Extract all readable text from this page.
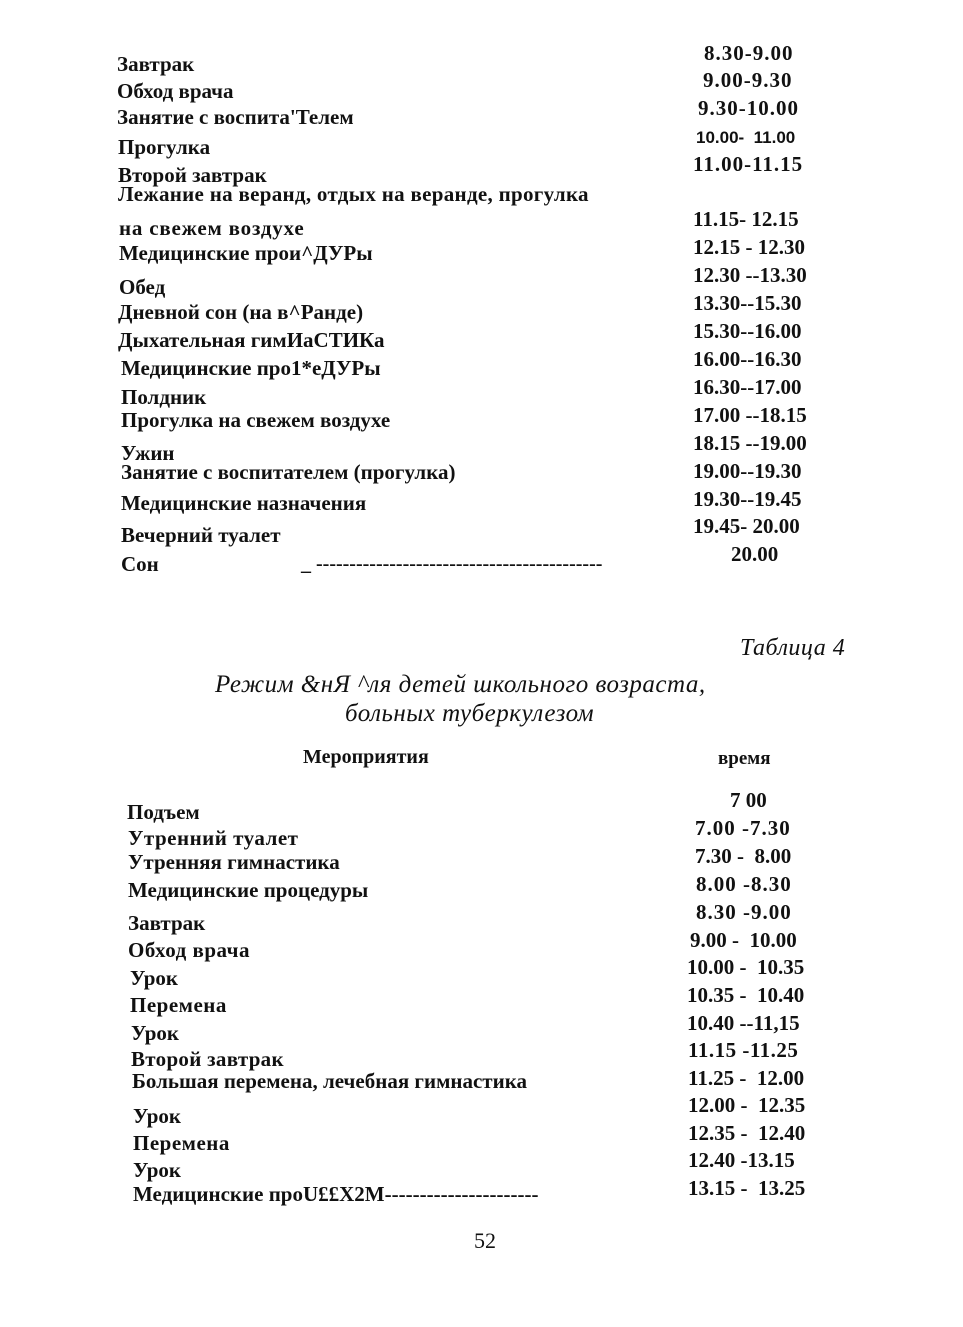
Завтрак	8.30-9.00
Обход врача	9.00-9.30
Занятие с воспита'Телем	9.30-10.00
Прогулка	10.00-  11.00
Второй завтрак	11.00-11.15
Лежание на веранд, отдых на веранде, прогулка
на свежем воздухе	11.15- 12.15
Медицинские прои^ДУРы	12.15 - 12.30
Обед	12.30 --13.30
Дневной сон (на в^Ранде)	13.30--15.30
Дыхательная гимИаСТИКа	15.30--16.00
Медицинские про1*еДУРы	16.00--16.30
Полдник	16.30--17.00
Прогулка на свежем воздухе	17.00 --18.15
Ужин	18.15 --19.00
Занятие с воспитателем (прогулка)	19.00--19.30
Медицинские назначения	19.30--19.45
Вечерний туалет	19.45- 20.00
Сон	_ -------------------------------------------	20.00
Таблица 4
Режим &нЯ ^ля детей школьного возраста,
больных туберкулезом
Мероприятия	время
Подъем	7 00
Утренний туалет	7.00 -7.30
Утренняя гимнастика	7.30 -  8.00
Медицинские процедуры	8.00 -8.30
Завтрак	8.30 -9.00
Обход врача	9.00 -  10.00
Урок	10.00 -  10.35
Перемена	10.35 -  10.40
Урок	10.40 --11,15
Второй завтрак	11.15 -11.25
Большая перемена, лечебная гимнастика	11.25 -  12.00
Урок	12.00 -  12.35
Перемена	12.35 -  12.40
Урок	12.40 -13.15
Медицинские проU££X2M----------------------	13.15 -  13.25
52
